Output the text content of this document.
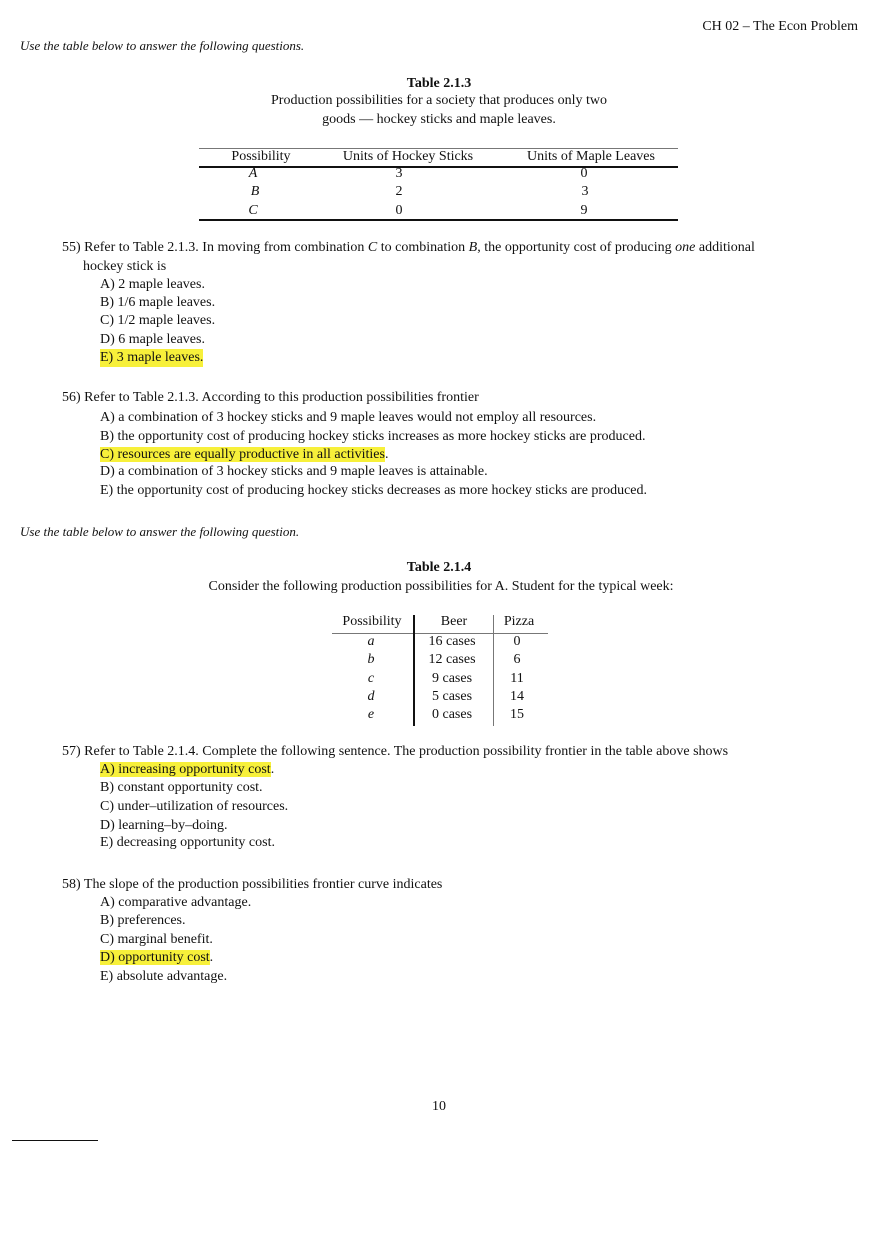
CH 02 – The Econ Problem
Use the table below to answer the following questions.
Table 2.1.3
Production possibilities for a society that produces only two
goods — hockey sticks and maple leaves.
Possibility	Units of Hockey Sticks	Units of Maple Leaves
A	3	0
B	2	3
C	0	9
55) Refer to Table 2.1.3. In moving from combination C to combination B, the opportunity cost of producing one additional
hockey stick is
A) 2 maple leaves.
B) 1/6 maple leaves.
C) 1/2 maple leaves.
D) 6 maple leaves.
E) 3 maple leaves.
56) Refer to Table 2.1.3. According to this production possibilities frontier
A) a combination of 3 hockey sticks and 9 maple leaves would not employ all resources.
B) the opportunity cost of producing hockey sticks increases as more hockey sticks are produced.
C) resources are equally productive in all activities.
D) a combination of 3 hockey sticks and 9 maple leaves is attainable.
E) the opportunity cost of producing hockey sticks decreases as more hockey sticks are produced.
Use the table below to answer the following question.
Table 2.1.4
Consider the following production possibilities for A. Student for the typical week:
Possibility	Beer	Pizza
a	16 cases	0
b	12 cases	6
c	9 cases	11
d	5 cases	14
e	0 cases	15
57) Refer to Table 2.1.4. Complete the following sentence. The production possibility frontier in the table above shows
A) increasing opportunity cost.
B) constant opportunity cost.
C) under–utilization of resources.
D) learning–by–doing.
E) decreasing opportunity cost.
58) The slope of the production possibilities frontier curve indicates
A) comparative advantage.
B) preferences.
C) marginal benefit.
D) opportunity cost.
E) absolute advantage.
10
